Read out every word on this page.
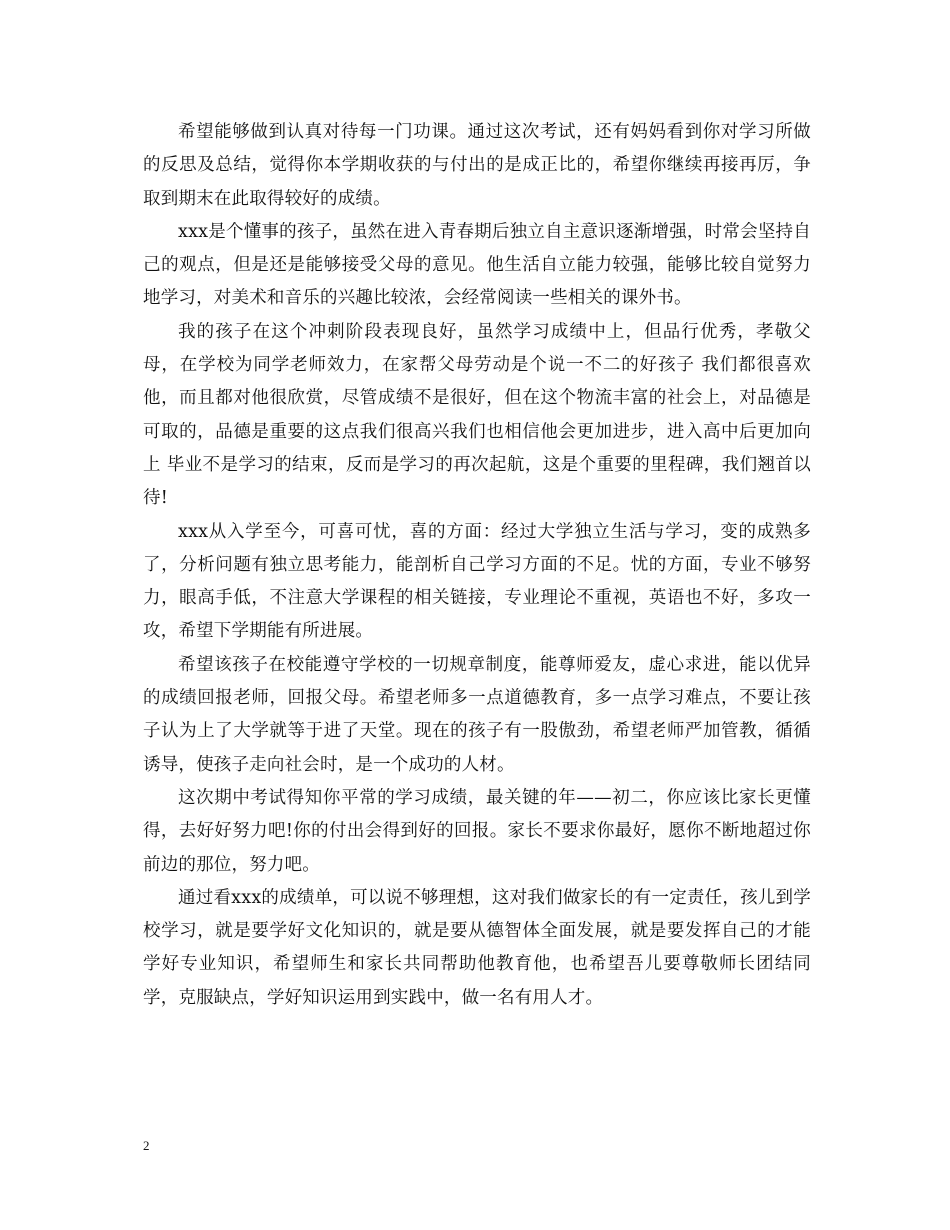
希望能够做到认真对待每一门功课。通过这次考试，还有妈妈看到你对学习所做的反思及总结，觉得你本学期收获的与付出的是成正比的，希望你继续再接再厉，争取到期末在此取得较好的成绩。

xxx是个懂事的孩子，虽然在进入青春期后独立自主意识逐渐增强，时常会坚持自己的观点，但是还是能够接受父母的意见。他生活自立能力较强，能够比较自觉努力地学习，对美术和音乐的兴趣比较浓，会经常阅读一些相关的课外书。

我的孩子在这个冲刺阶段表现良好，虽然学习成绩中上，但品行优秀，孝敬父母，在学校为同学老师效力，在家帮父母劳动是个说一不二的好孩子 我们都很喜欢他，而且都对他很欣赏，尽管成绩不是很好，但在这个物流丰富的社会上，对品德是可取的，品德是重要的这点我们很高兴我们也相信他会更加进步，进入高中后更加向上 毕业不是学习的结束，反而是学习的再次起航，这是个重要的里程碑，我们翘首以待!

xxx从入学至今，可喜可忧，喜的方面：经过大学独立生活与学习，变的成熟多了，分析问题有独立思考能力，能剖析自己学习方面的不足。忧的方面，专业不够努力，眼高手低，不注意大学课程的相关链接，专业理论不重视，英语也不好，多攻一攻，希望下学期能有所进展。

希望该孩子在校能遵守学校的一切规章制度，能尊师爱友，虚心求进，能以优异的成绩回报老师，回报父母。希望老师多一点道德教育，多一点学习难点，不要让孩子认为上了大学就等于进了天堂。现在的孩子有一股傲劲，希望老师严加管教，循循诱导，使孩子走向社会时，是一个成功的人材。

这次期中考试得知你平常的学习成绩，最关键的年——初二，你应该比家长更懂得，去好好努力吧!你的付出会得到好的回报。家长不要求你最好，愿你不断地超过你前边的那位，努力吧。

通过看xxx的成绩单，可以说不够理想，这对我们做家长的有一定责任，孩儿到学校学习，就是要学好文化知识的，就是要从德智体全面发展，就是要发挥自己的才能学好专业知识，希望师生和家长共同帮助他教育他，也希望吾儿要尊敬师长团结同学，克服缺点，学好知识运用到实践中，做一名有用人才。

2
